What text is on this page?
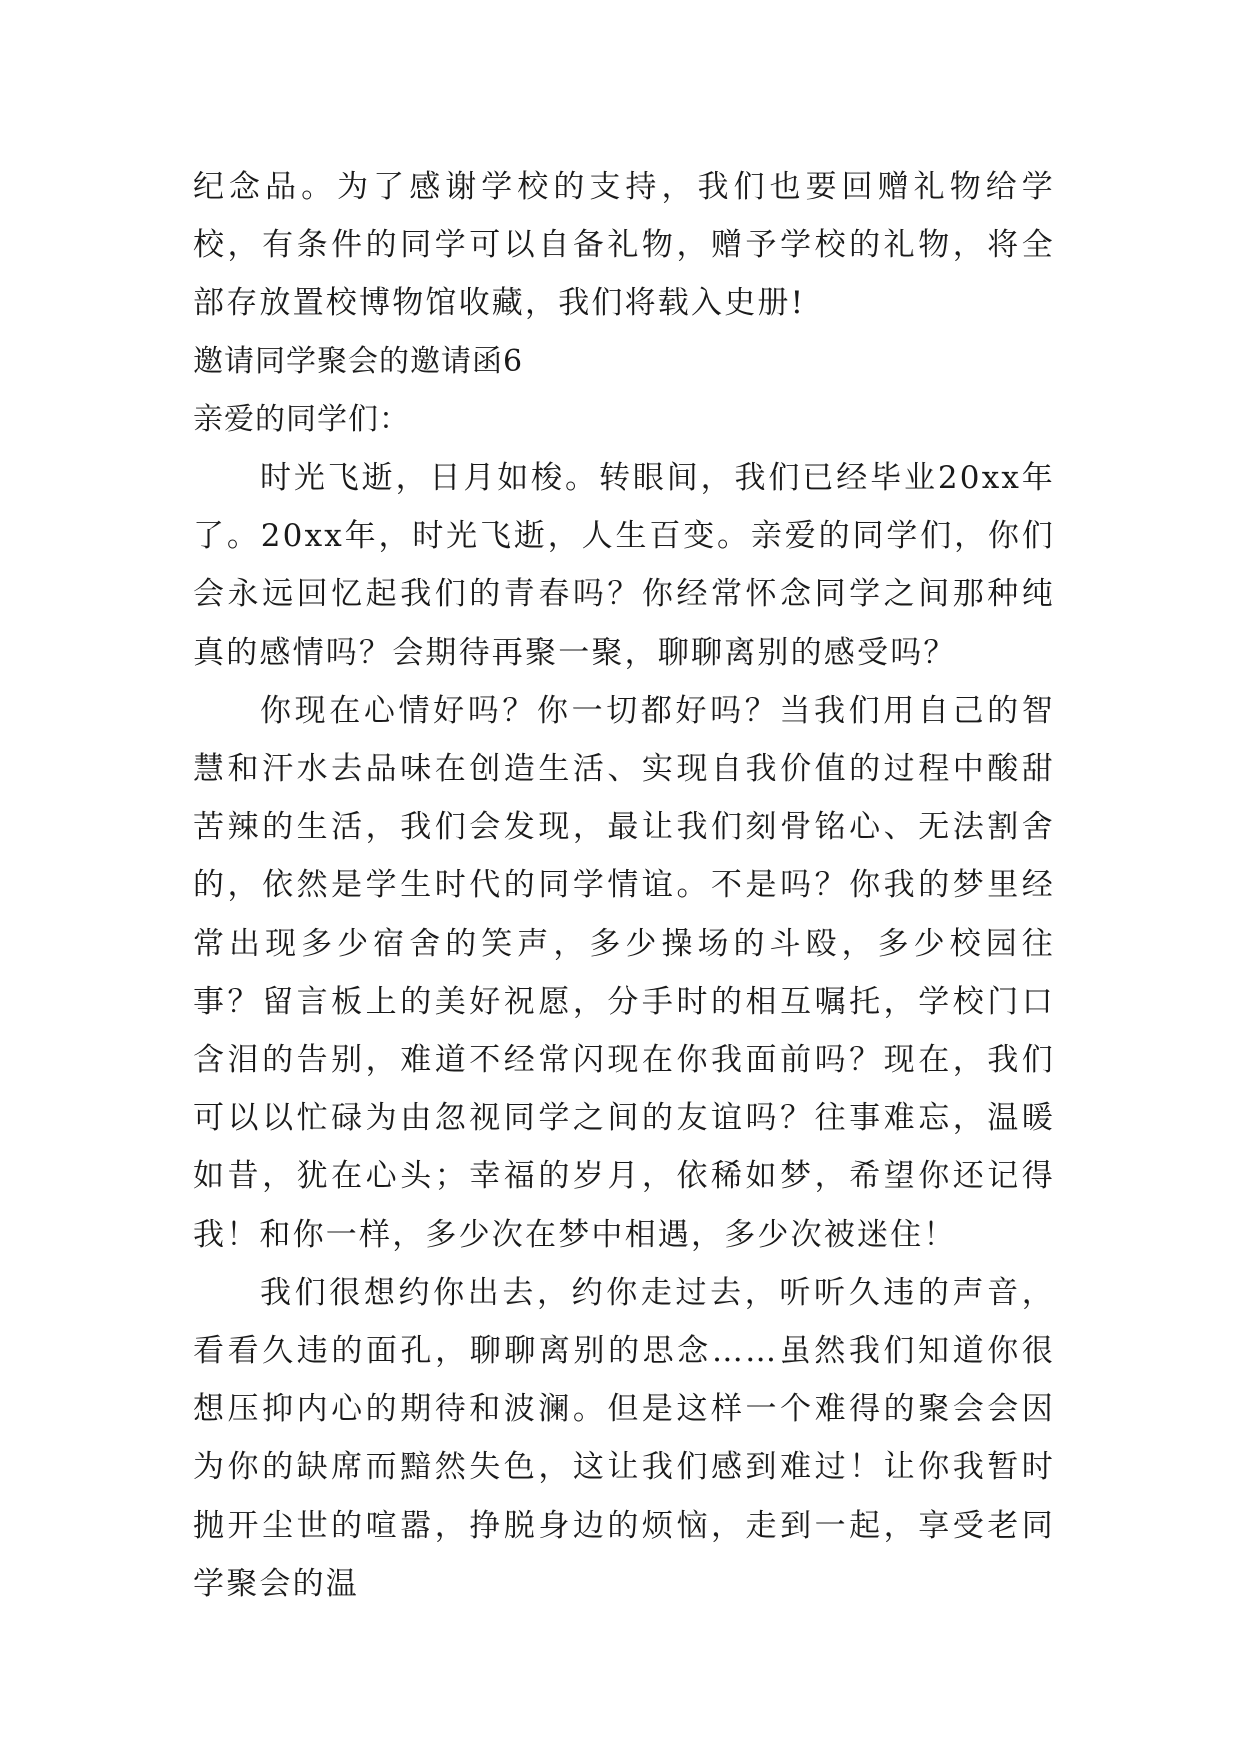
纪念品。为了感谢学校的支持，我们也要回赠礼物给学校，有条件的同学可以自备礼物，赠予学校的礼物，将全部存放置校博物馆收藏，我们将载入史册!

邀请同学聚会的邀请函6

亲爱的同学们：

时光飞逝，日月如梭。转眼间，我们已经毕业20xx年了。20xx年，时光飞逝，人生百变。亲爱的同学们，你们会永远回忆起我们的青春吗？你经常怀念同学之间那种纯真的感情吗？会期待再聚一聚，聊聊离别的感受吗？

你现在心情好吗？你一切都好吗？当我们用自己的智慧和汗水去品味在创造生活、实现自我价值的过程中酸甜苦辣的生活，我们会发现，最让我们刻骨铭心、无法割舍的，依然是学生时代的同学情谊。不是吗？你我的梦里经常出现多少宿舍的笑声，多少操场的斗殴，多少校园往事？留言板上的美好祝愿，分手时的相互嘱托，学校门口含泪的告别，难道不经常闪现在你我面前吗？现在，我们可以以忙碌为由忽视同学之间的友谊吗？往事难忘，温暖如昔，犹在心头；幸福的岁月，依稀如梦，希望你还记得我！和你一样，多少次在梦中相遇，多少次被迷住！

我们很想约你出去，约你走过去，听听久违的声音，看看久违的面孔，聊聊离别的思念……虽然我们知道你很想压抑内心的期待和波澜。但是这样一个难得的聚会会因为你的缺席而黯然失色，这让我们感到难过！让你我暂时抛开尘世的喧嚣，挣脱身边的烦恼，走到一起，享受老同学聚会的温
